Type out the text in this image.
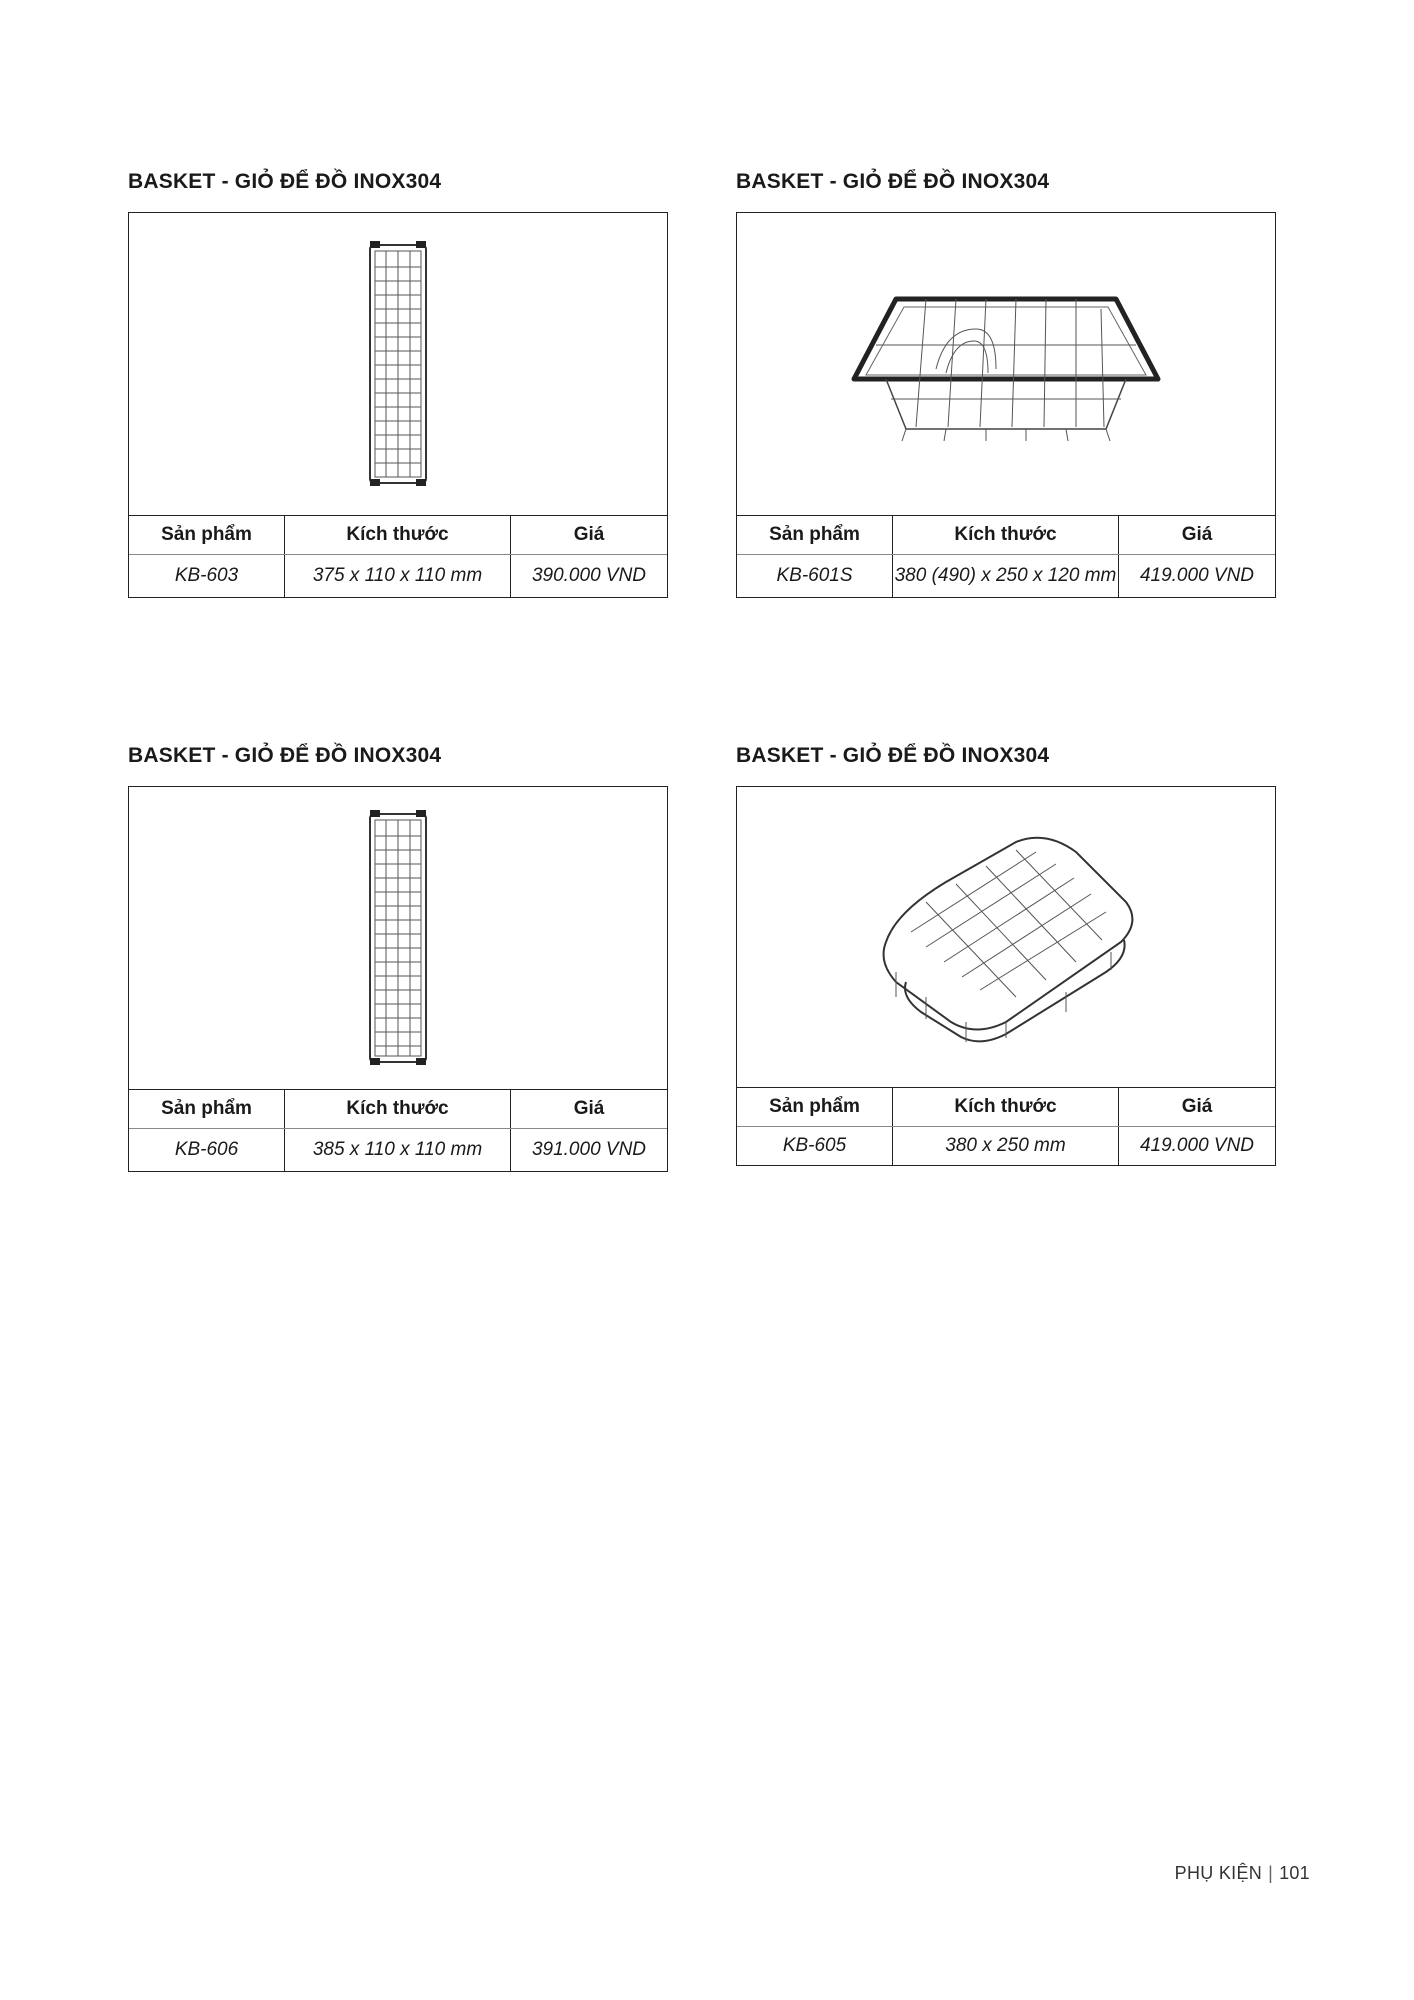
BASKET - GIỎ ĐỂ ĐỒ INOX304
Sản phẩm	Kích thước	Giá
KB-603	375 x 110 x 110 mm	390.000 VND
BASKET - GIỎ ĐỂ ĐỒ INOX304
Sản phẩm	Kích thước	Giá
KB-601S	380 (490) x 250 x 120 mm	419.000 VND
BASKET - GIỎ ĐỂ ĐỒ INOX304
Sản phẩm	Kích thước	Giá
KB-606	385 x 110 x 110 mm	391.000 VND
BASKET - GIỎ ĐỂ ĐỒ INOX304
Sản phẩm	Kích thước	Giá
KB-605	380 x 250 mm	419.000 VND
PHỤ KIỆN | 101
